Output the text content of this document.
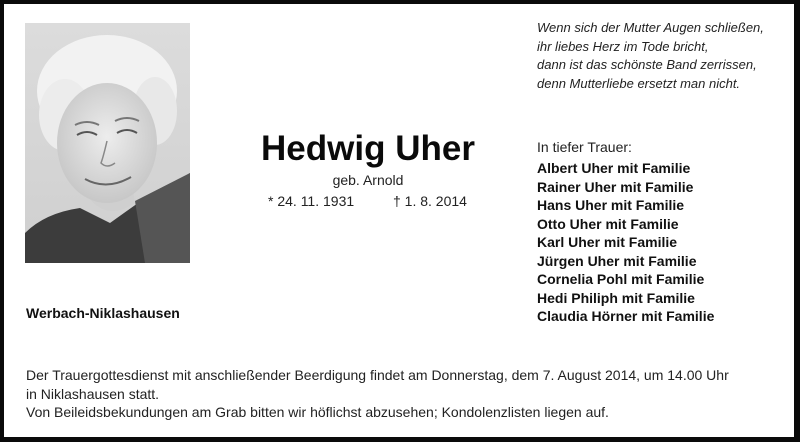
Wenn sich der Mutter Augen schließen,
ihr liebes Herz im Tode bricht,
dann ist das schönste Band zerrissen,
denn Mutterliebe ersetzt man nicht.
Hedwig Uher
geb. Arnold
* 24. 11. 1931	† 1. 8. 2014
In tiefer Trauer:
Albert Uher mit Familie
Rainer Uher mit Familie
Hans Uher mit Familie
Otto Uher mit Familie
Karl Uher mit Familie
Jürgen Uher mit Familie
Cornelia Pohl mit Familie
Hedi Philiph mit Familie
Claudia Hörner mit Familie
Werbach-Niklashausen
Der Trauergottesdienst mit anschließender Beerdigung findet am Donnerstag, dem 7. August 2014, um 14.00 Uhr
in Niklashausen statt.
Von Beileidsbekundungen am Grab bitten wir höflichst abzusehen; Kondolenzlisten liegen auf.
